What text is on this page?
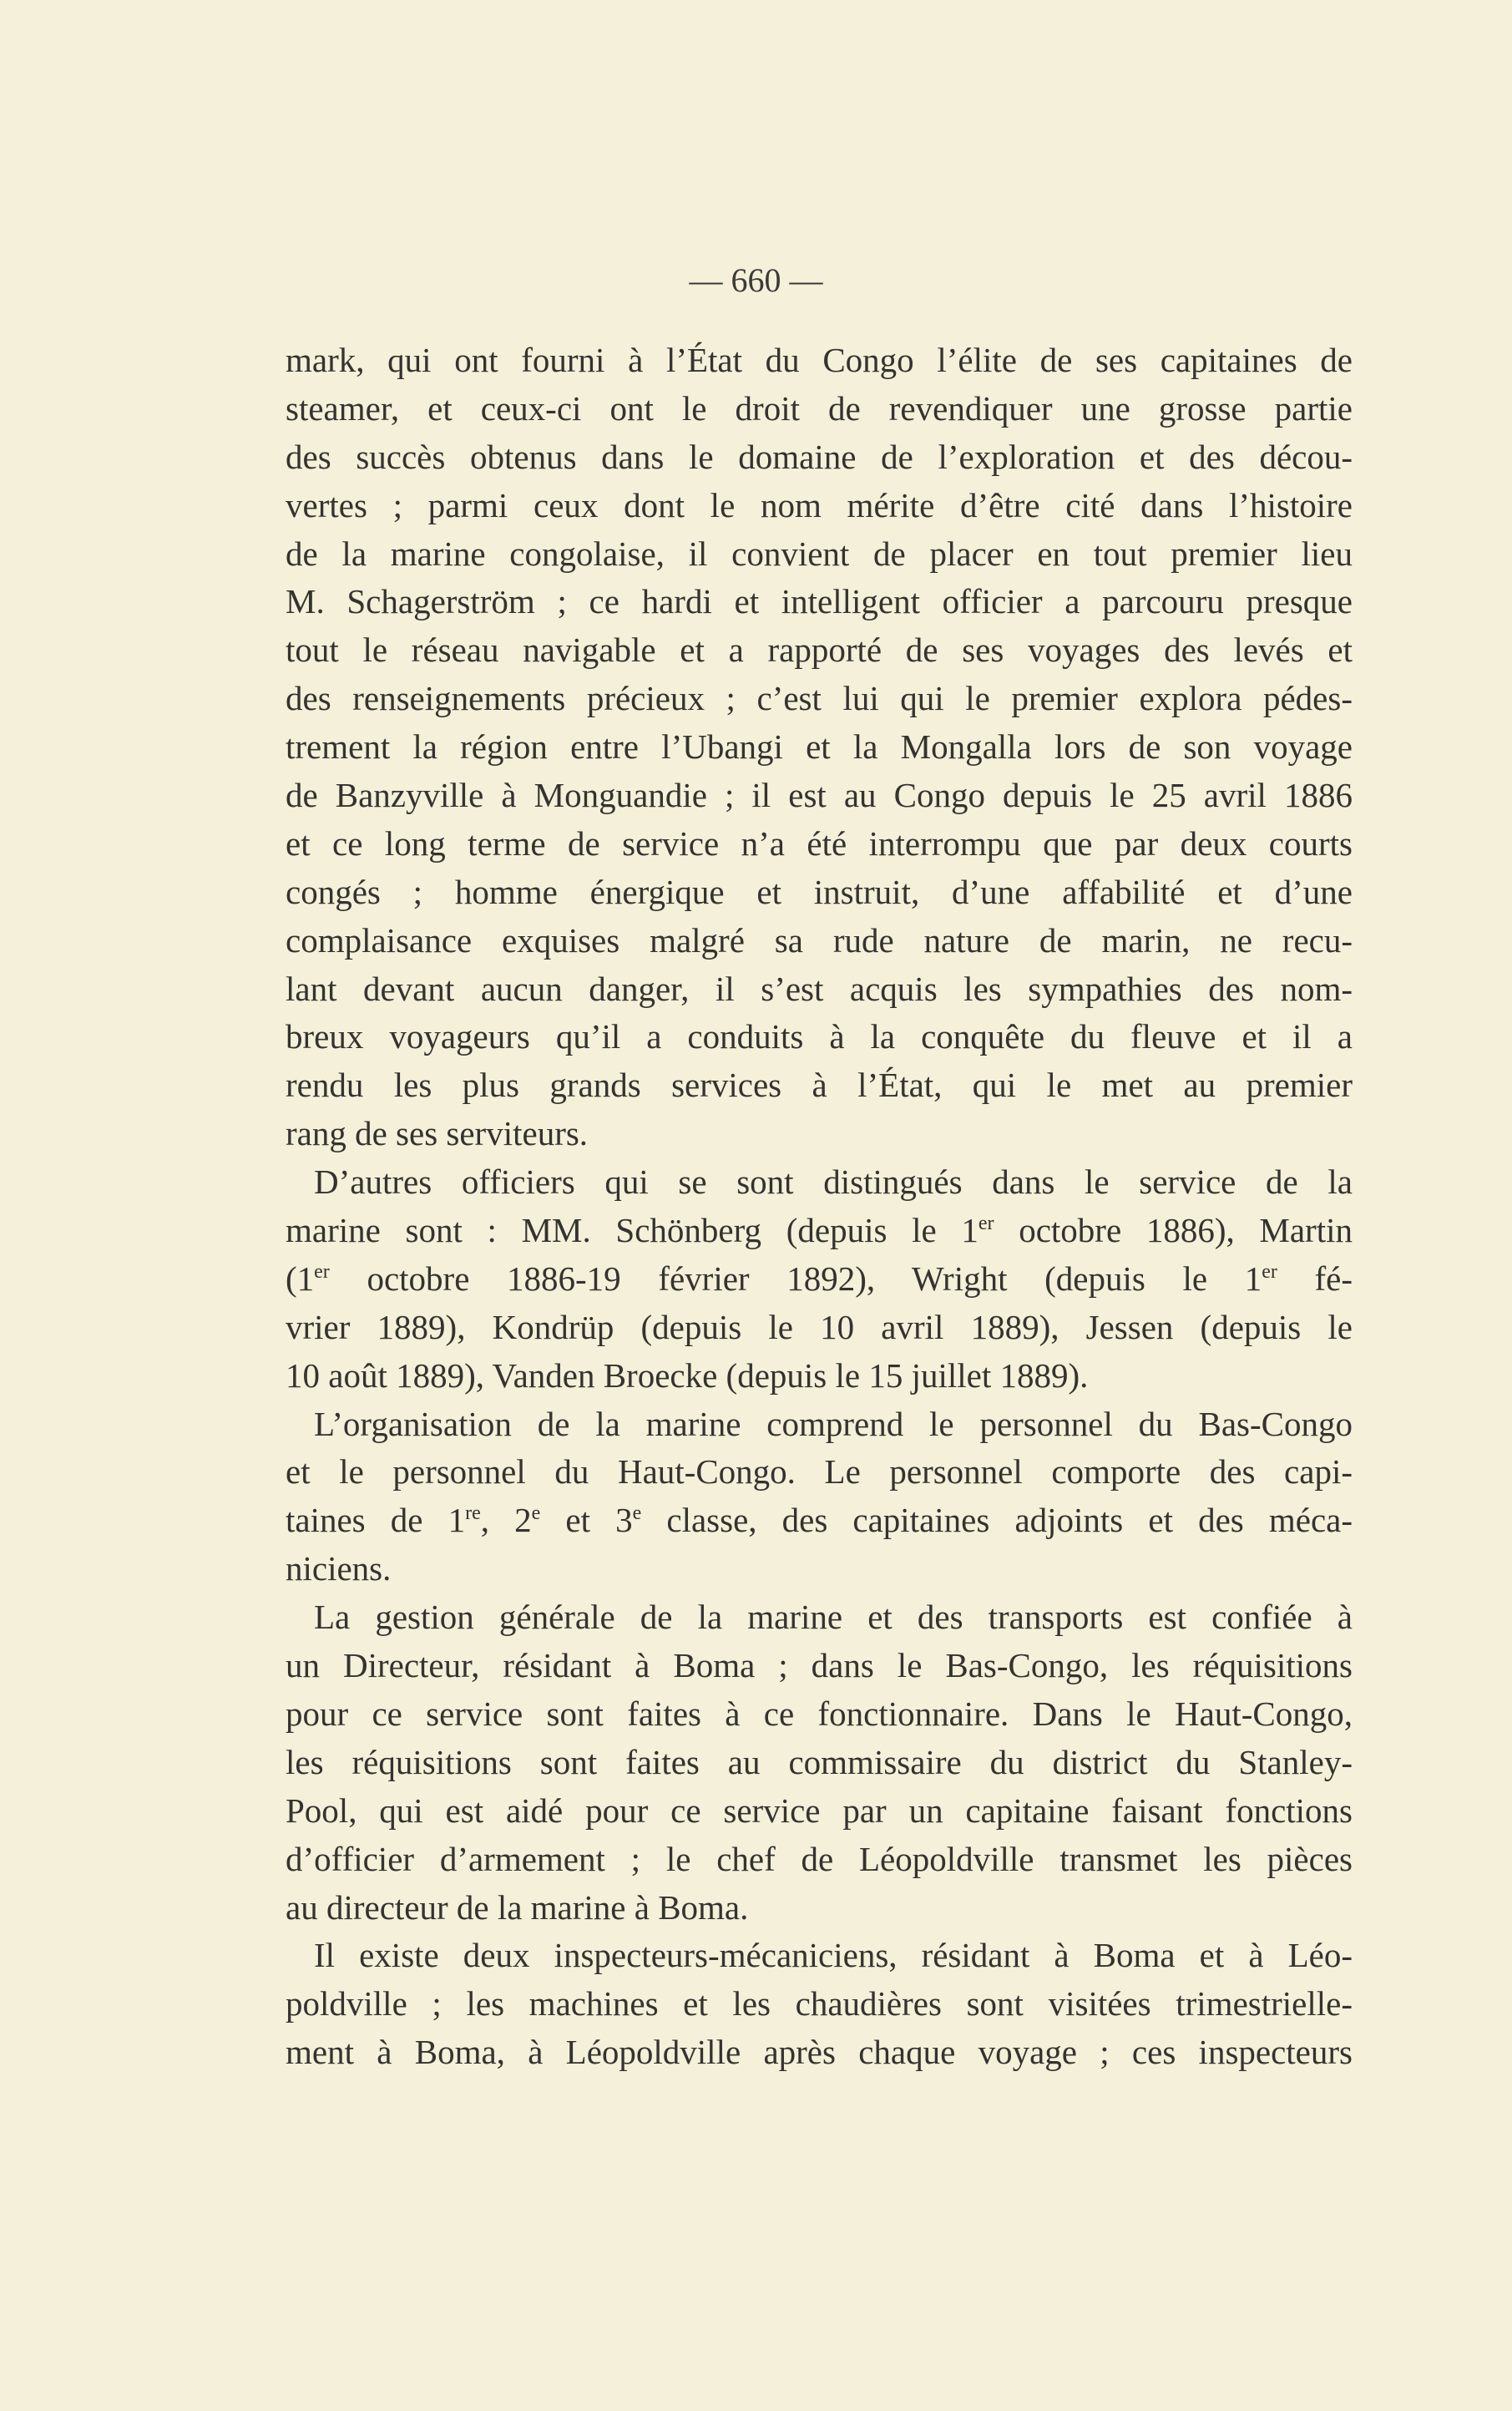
— 660 —
mark, qui ont fourni à l’État du Congo l’élite de ses capitaines de
steamer, et ceux-ci ont le droit de revendiquer une grosse partie
des succès obtenus dans le domaine de l’exploration et des décou-
vertes ; parmi ceux dont le nom mérite d’être cité dans l’histoire
de la marine congolaise, il convient de placer en tout premier lieu
M. Schagerström ; ce hardi et intelligent officier a parcouru presque
tout le réseau navigable et a rapporté de ses voyages des levés et
des renseignements précieux ; c’est lui qui le premier explora pédes-
trement la région entre l’Ubangi et la Mongalla lors de son voyage
de Banzyville à Monguandie ; il est au Congo depuis le 25 avril 1886
et ce long terme de service n’a été interrompu que par deux courts
congés ; homme énergique et instruit, d’une affabilité et d’une
complaisance exquises malgré sa rude nature de marin, ne recu-
lant devant aucun danger, il s’est acquis les sympathies des nom-
breux voyageurs qu’il a conduits à la conquête du fleuve et il a
rendu les plus grands services à l’État, qui le met au premier
rang de ses serviteurs.
D’autres officiers qui se sont distingués dans le service de la
marine sont : MM. Schönberg (depuis le 1er octobre 1886), Martin
(1er octobre 1886-19 février 1892), Wright (depuis le 1er fé-
vrier 1889), Kondrüp (depuis le 10 avril 1889), Jessen (depuis le
10 août 1889), Vanden Broecke (depuis le 15 juillet 1889).
L’organisation de la marine comprend le personnel du Bas-Congo
et le personnel du Haut-Congo. Le personnel comporte des capi-
taines de 1re, 2e et 3e classe, des capitaines adjoints et des méca-
niciens.
La gestion générale de la marine et des transports est confiée à
un Directeur, résidant à Boma ; dans le Bas-Congo, les réquisitions
pour ce service sont faites à ce fonctionnaire. Dans le Haut-Congo,
les réquisitions sont faites au commissaire du district du Stanley-
Pool, qui est aidé pour ce service par un capitaine faisant fonctions
d’officier d’armement ; le chef de Léopoldville transmet les pièces
au directeur de la marine à Boma.
Il existe deux inspecteurs-mécaniciens, résidant à Boma et à Léo-
poldville ; les machines et les chaudières sont visitées trimestrielle-
ment à Boma, à Léopoldville après chaque voyage ; ces inspecteurs
